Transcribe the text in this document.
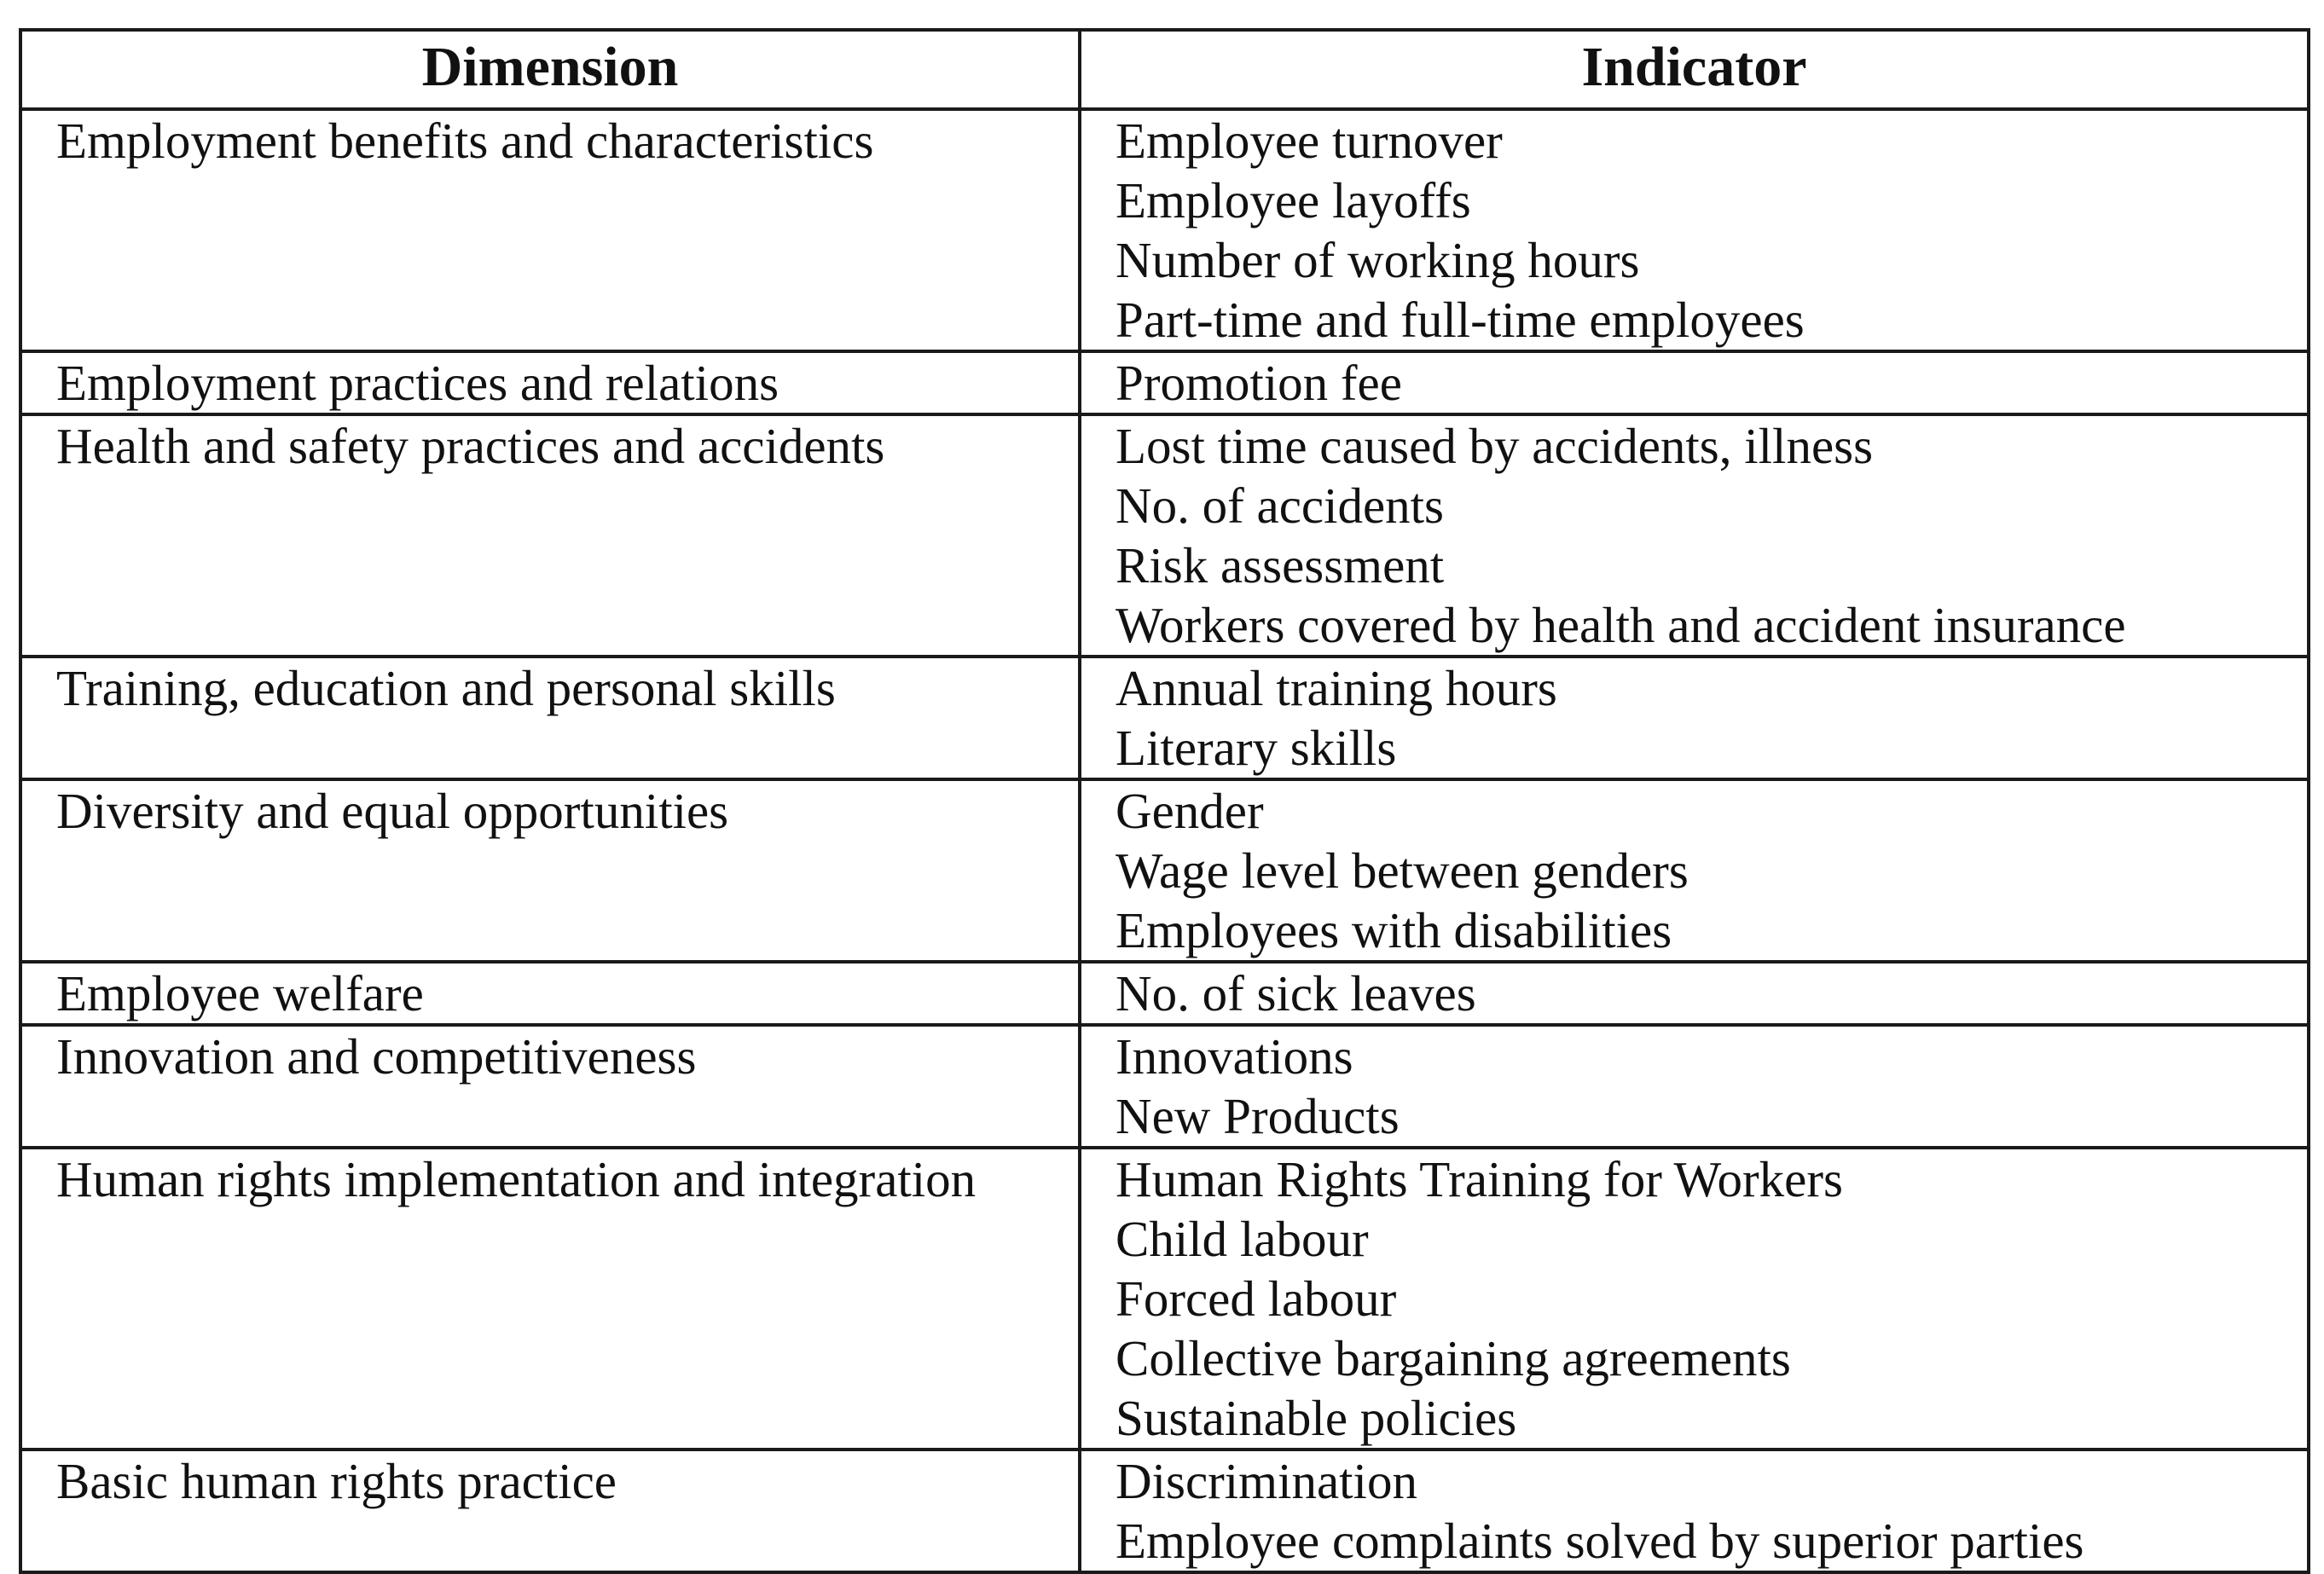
Dimension	Indicator

Employment benefits and characteristics	Employee turnover
Employee layoffs
Number of working hours
Part-time and full-time employees

Employment practices and relations	Promotion fee

Health and safety practices and accidents	Lost time caused by accidents, illness
No. of accidents
Risk assessment
Workers covered by health and accident insurance

Training, education and personal skills	Annual training hours
Literary skills

Diversity and equal opportunities	Gender
Wage level between genders
Employees with disabilities

Employee welfare	No. of sick leaves

Innovation and competitiveness	Innovations
New Products

Human rights implementation and integration	Human Rights Training for Workers
Child labour
Forced labour
Collective bargaining agreements
Sustainable policies

Basic human rights practice	Discrimination
Employee complaints solved by superior parties
